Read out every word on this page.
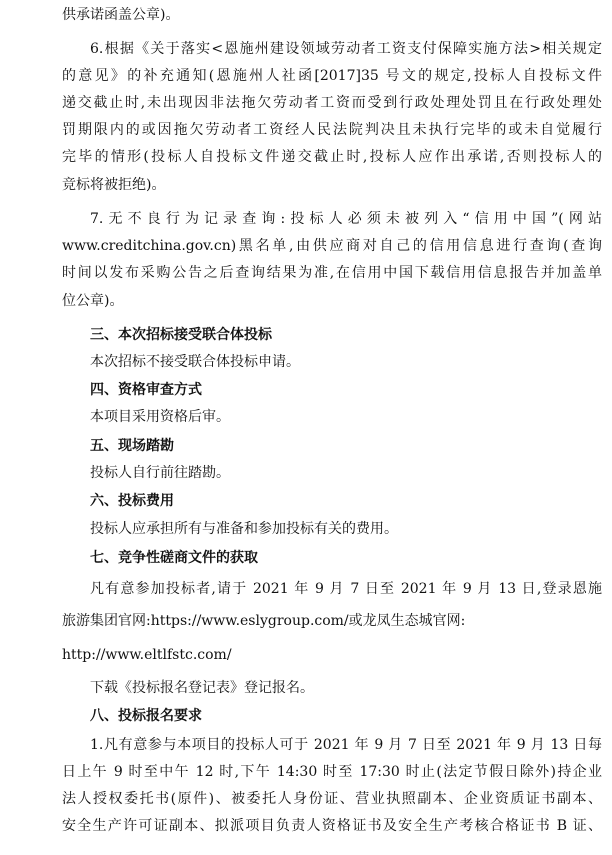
供承诺函盖公章)。
6.根据《关于落实<恩施州建设领域劳动者工资支付保障实施方法>相关规定
的意见》的补充通知(恩施州人社函[2017]35 号文的规定,投标人自投标文件
递交截止时,未出现因非法拖欠劳动者工资而受到行政处理处罚且在行政处理处
罚期限内的或因拖欠劳动者工资经人民法院判决且未执行完毕的或未自觉履行
完毕的情形(投标人自投标文件递交截止时,投标人应作出承诺,否则投标人的
竞标将被拒绝)。
7.无不良行为记录查询:投标人必须未被列入“信用中国”(网站
www.creditchina.gov.cn)黑名单,由供应商对自己的信用信息进行查询(查询
时间以发布采购公告之后查询结果为准,在信用中国下载信用信息报告并加盖单
位公章)。
三、本次招标接受联合体投标
本次招标不接受联合体投标申请。
四、资格审查方式
本项目采用资格后审。
五、现场踏勘
投标人自行前往踏勘。
六、投标费用
投标人应承担所有与准备和参加投标有关的费用。
七、竞争性磋商文件的获取
凡有意参加投标者,请于 2021 年 9 月 7 日至 2021 年 9 月 13 日,登录恩施
旅游集团官网:https://www.eslygroup.com/或龙凤生态城官网:
http://www.eltlfstc.com/
下载《投标报名登记表》登记报名。
八、投标报名要求
1.凡有意参与本项目的投标人可于 2021 年 9 月 7 日至 2021 年 9 月 13 日每
日上午 9 时至中午 12 时,下午 14:30 时至 17:30 时止(法定节假日除外)持企业
法人授权委托书(原件)、被委托人身份证、营业执照副本、企业资质证书副本、
安全生产许可证副本、拟派项目负责人资格证书及安全生产考核合格证书 B 证、
